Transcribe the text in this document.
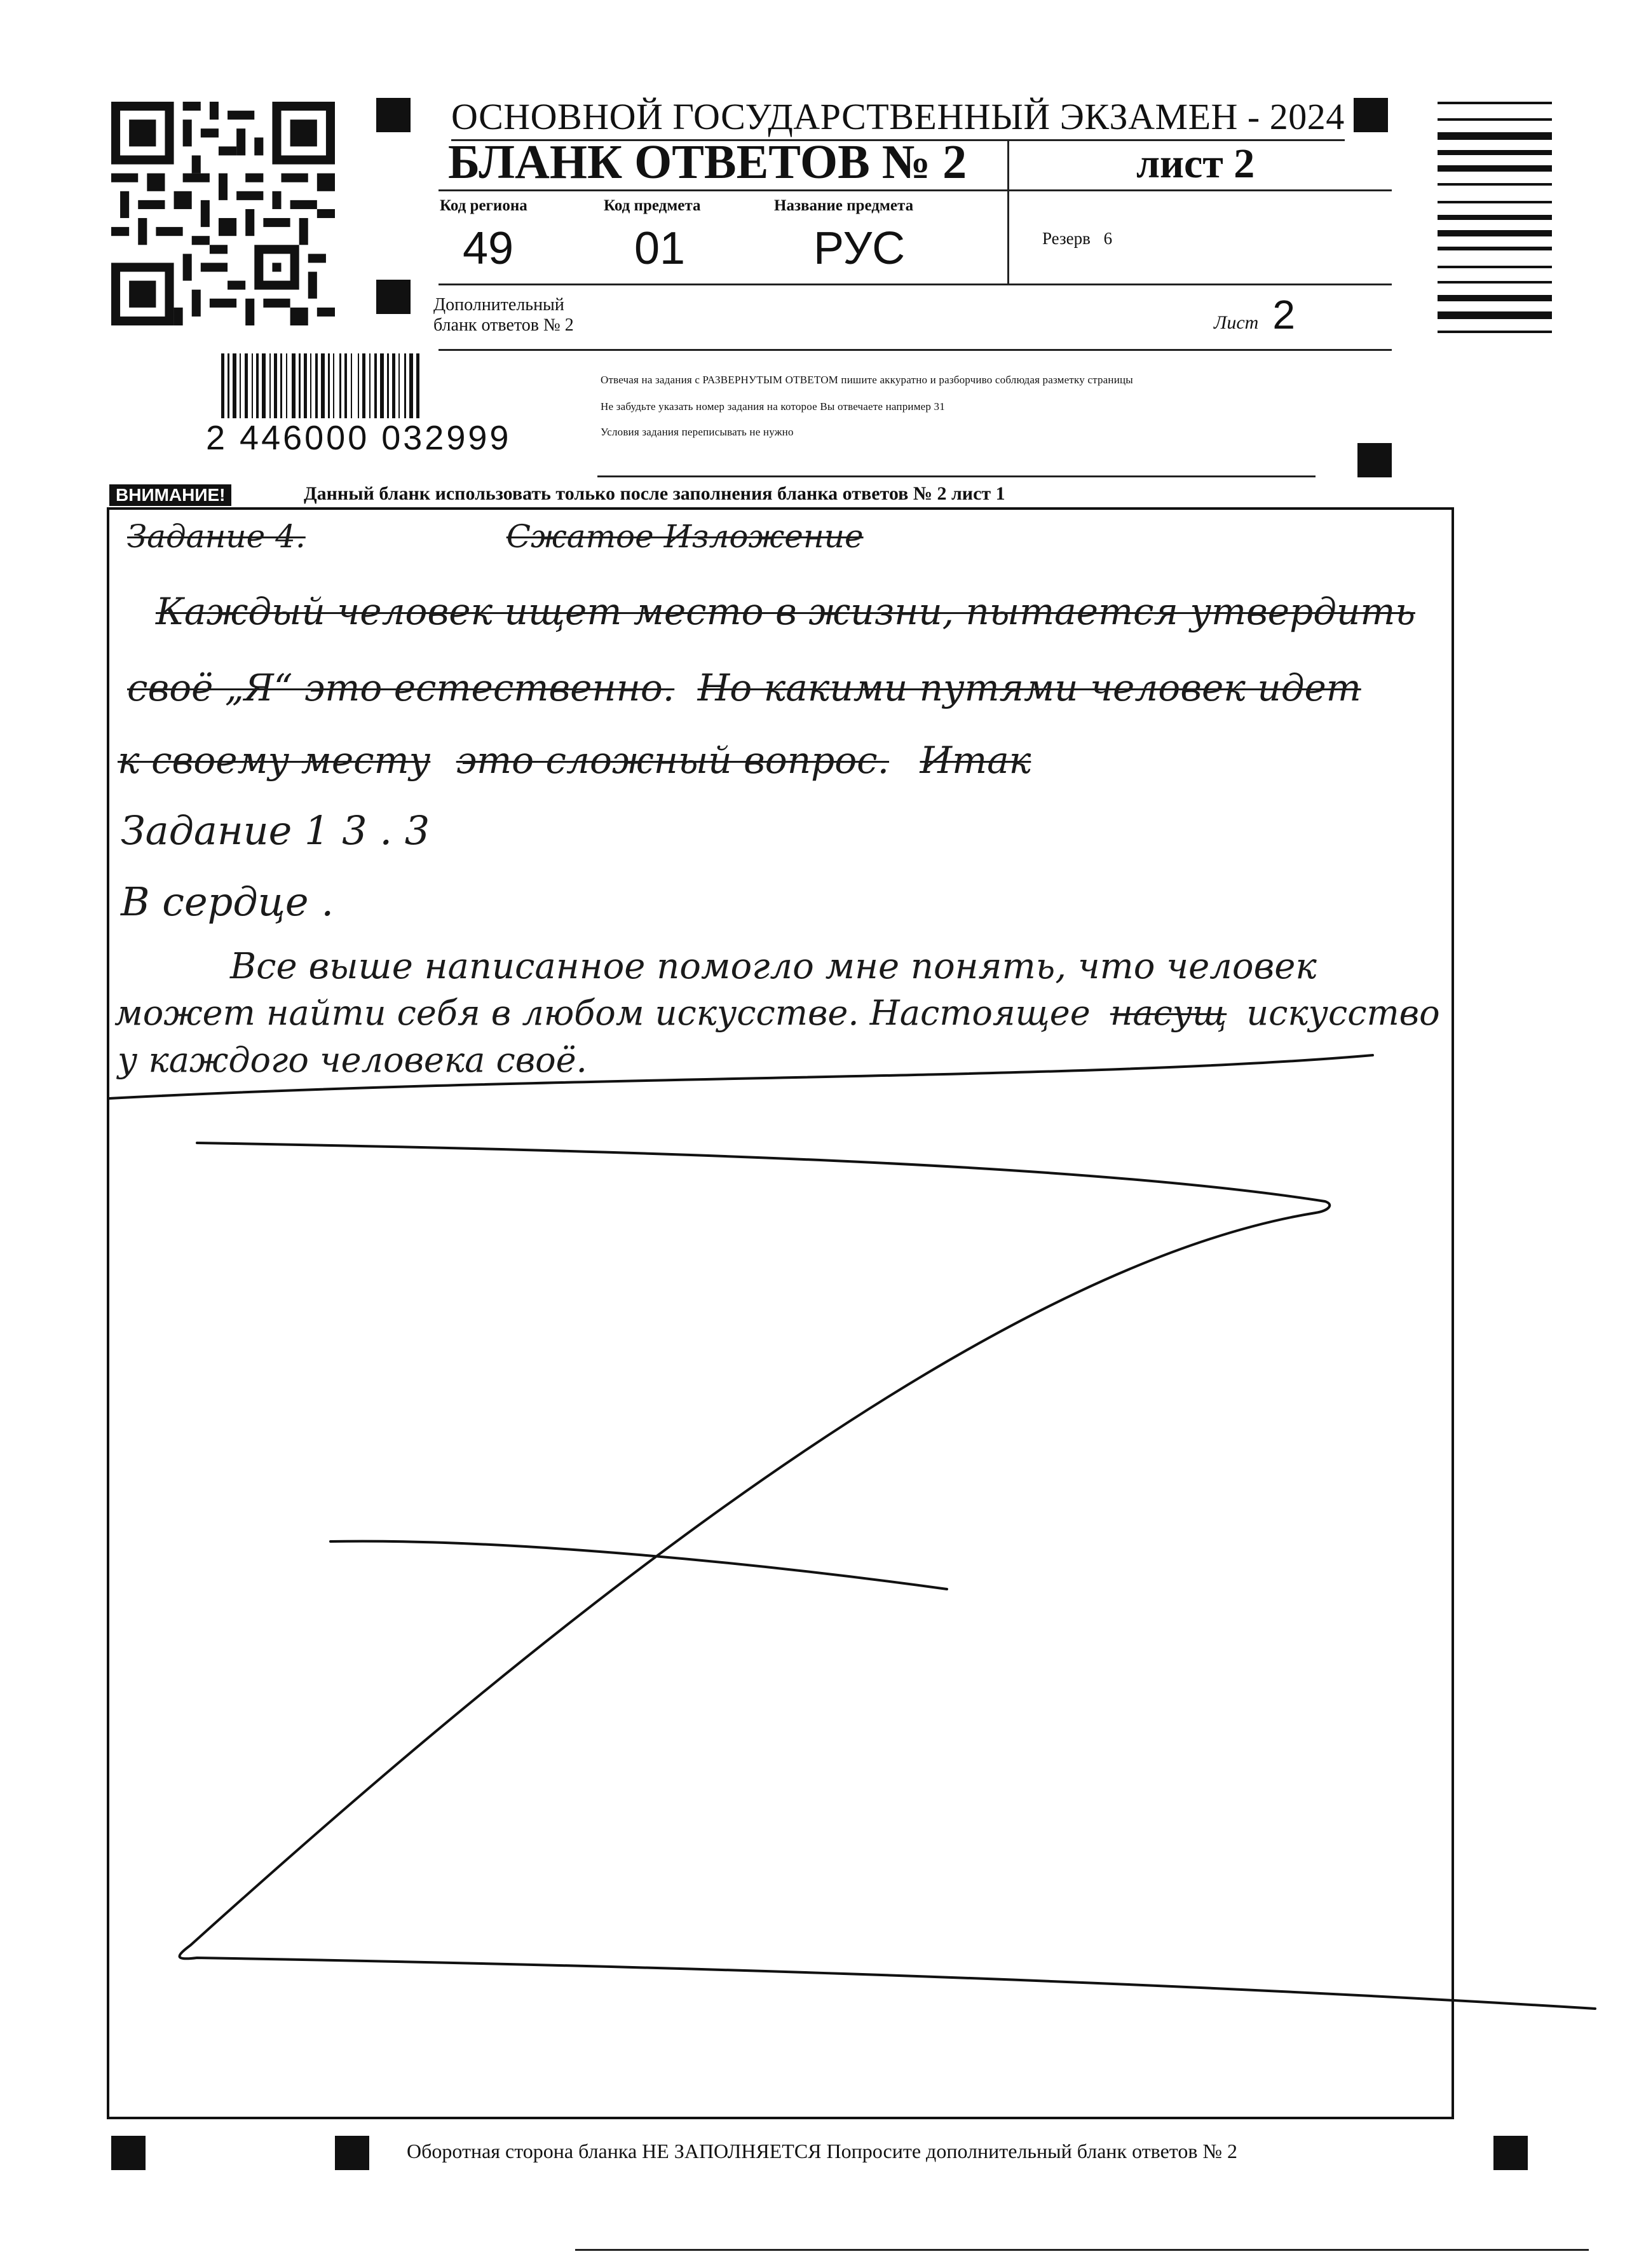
ОСНОВНОЙ ГОСУДАРСТВЕННЫЙ ЭКЗАМЕН - 2024
БЛАНК ОТВЕТОВ № 2	лист 2
Код региона
49
Код предмета
01
Название предмета
РУС	Резерв 6
Дополнительный
бланк ответов № 2	Лист 2
2 446000 032999
Отвечая на задания с РАЗВЕРНУТЫМ ОТВЕТОМ пишите аккуратно и разборчиво соблюдая разметку страницы
Не забудьте указать номер задания на которое Вы отвечаете например 31
Условия задания переписывать не нужно
ВНИМАНИЕ!	Данный бланк использовать только после заполнения бланка ответов № 2 лист 1
Задание 4.	Сжатое Изложение
Каждый человек ищет место в жизни, пытается утвердить
своё „Я“ это естественно. Но какими путями человек идет
к своему месту это сложный вопрос. Итак
Задание 1 3 . 3
В сердце .
Все выше написанное помогло мне понять, что человек
может найти себя в любом искусстве. Настоящее насущ искусство
у каждого человека своё.
Оборотная сторона бланка НЕ ЗАПОЛНЯЕТСЯ Попросите дополнительный бланк ответов № 2
